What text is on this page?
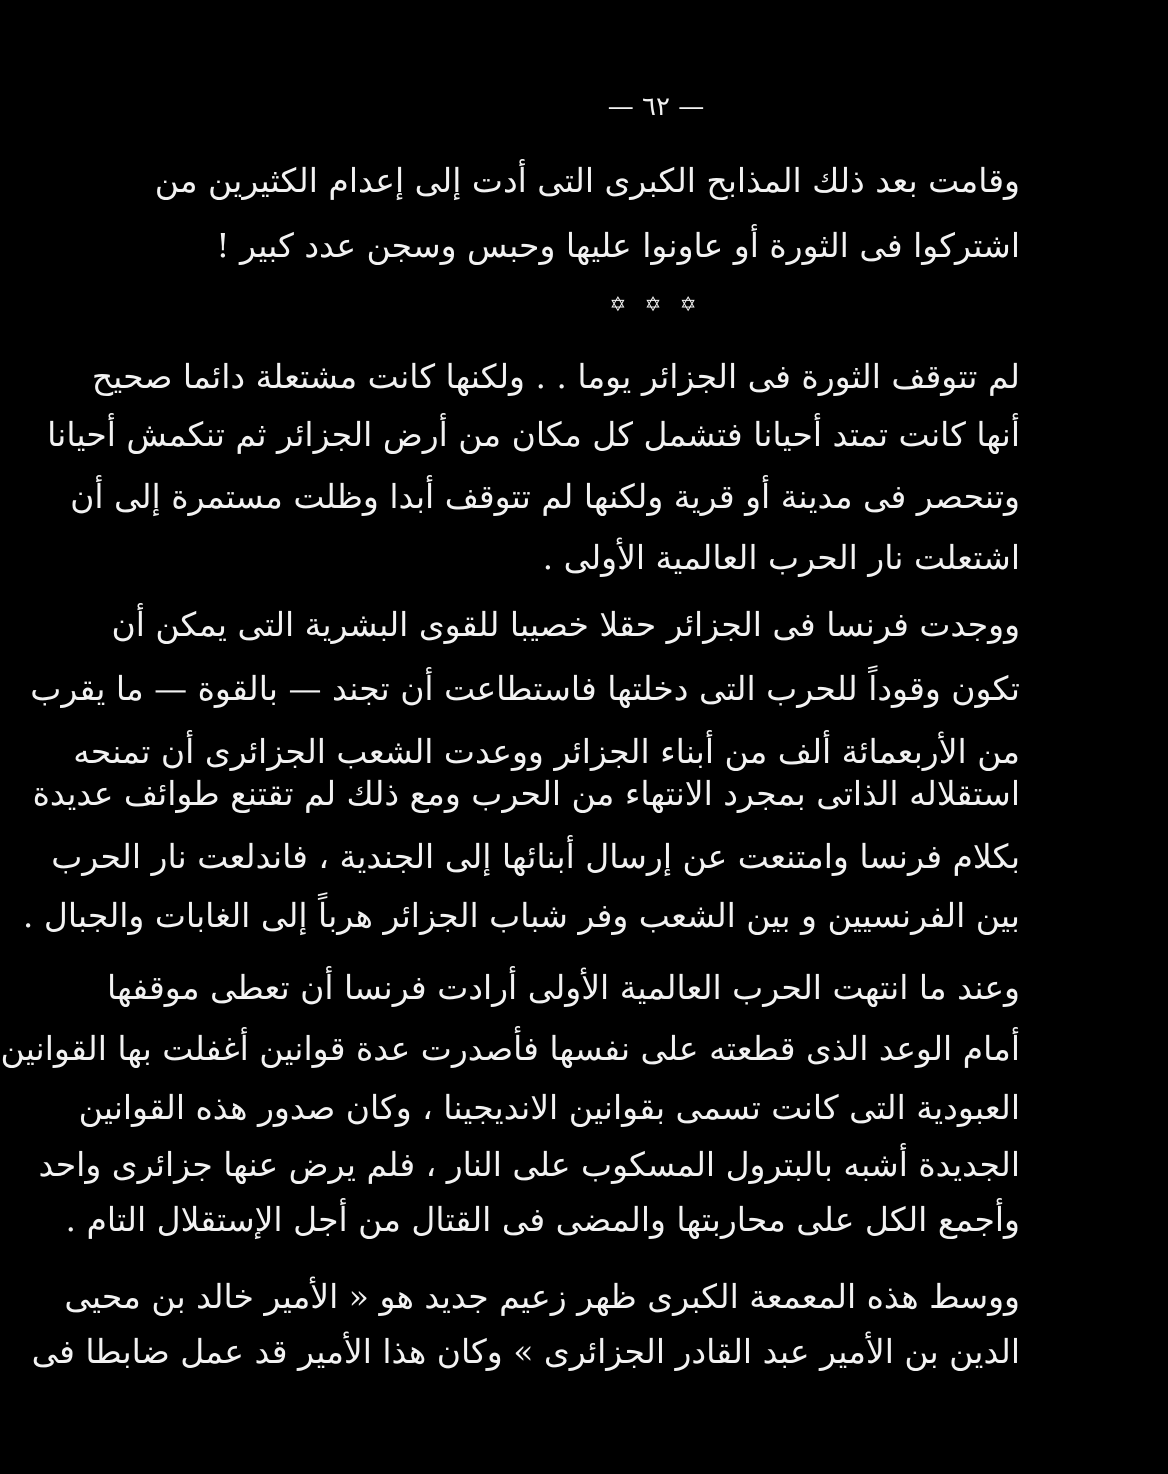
— ٦٢ —
وقامت بعد ذلك المذابح الكبرى التى أدت إلى إعدام الكثيرين من
اشتركوا فى الثورة أو عاونوا عليها وحبس وسجن عدد كبير !
✡ ✡ ✡
لم تتوقف الثورة فى الجزائر يوما . . ولكنها كانت مشتعلة دائما صحيح
أنها كانت تمتد أحيانا فتشمل كل مكان من أرض الجزائر ثم تنكمش أحيانا
وتنحصر فى مدينة أو قرية ولكنها لم تتوقف أبدا وظلت مستمرة إلى أن
اشتعلت نار الحرب العالمية الأولى .
ووجدت فرنسا فى الجزائر حقلا خصيبا للقوى البشرية التى يمكن أن
تكون وقوداً للحرب التى دخلتها فاستطاعت أن تجند — بالقوة — ما يقرب
من الأربعمائة ألف من أبناء الجزائر ووعدت الشعب الجزائرى أن تمنحه
استقلاله الذاتى بمجرد الانتهاء من الحرب ومع ذلك لم تقتنع طوائف عديدة
بكلام فرنسا وامتنعت عن إرسال أبنائها إلى الجندية ، فاندلعت نار الحرب
بين الفرنسيين و بين الشعب وفر شباب الجزائر هرباً إلى الغابات والجبال .
وعند ما انتهت الحرب العالمية الأولى أرادت فرنسا أن تعطى موقفها
أمام الوعد الذى قطعته على نفسها فأصدرت عدة قوانين أغفلت بها القوانين
العبودية التى كانت تسمى بقوانين الانديجينا ، وكان صدور هذه القوانين
الجديدة أشبه بالبترول المسكوب على النار ، فلم يرض عنها جزائرى واحد
وأجمع الكل على محاربتها والمضى فى القتال من أجل الإستقلال التام .
ووسط هذه المعمعة الكبرى ظهر زعيم جديد هو « الأمير خالد بن محيى
الدين بن الأمير عبد القادر الجزائرى » وكان هذا الأمير قد عمل ضابطا فى
